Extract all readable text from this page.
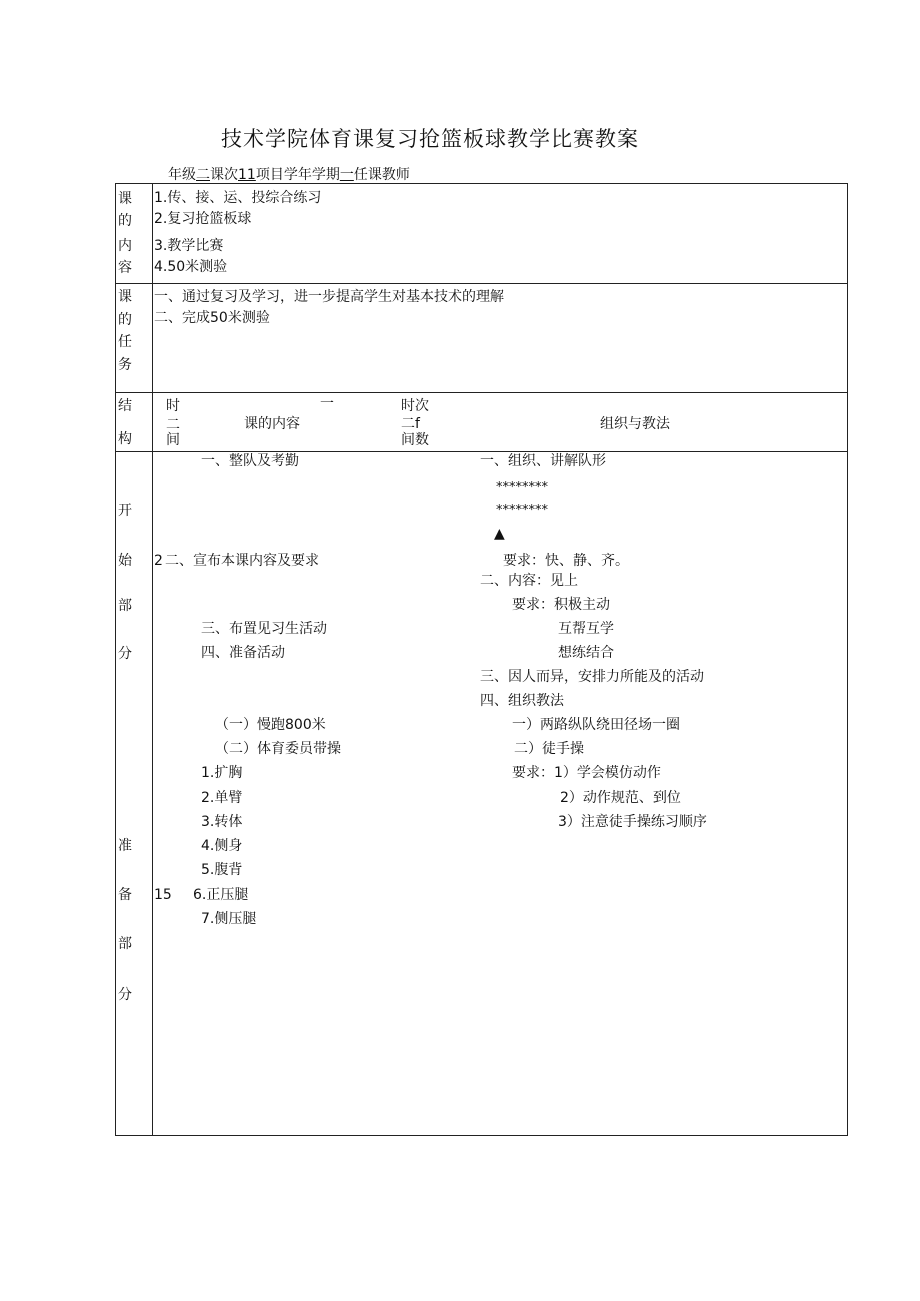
技术学院体育课复习抢篮板球教学比赛教案
年级二课次11项目学年学期一任课教师
课
的
内
容
1.传、接、运、投综合练习
2.复习抢篮板球
3.教学比赛
4.50米测验
课
的
任
务
一、通过复习及学习，进一步提高学生对基本技术的理解
二、完成50米测验
结
构
时
二
间
一
课的内容
时次
二f
间数
组织与教法
开
始
部
分
2
一、整队及考勤
二、宣布本课内容及要求
三、布置见习生活动
四、准备活动
一、组织、讲解队形
********
********
▲
要求：快、静、齐。
二、内容：见上
要求：积极主动
互帮互学
想练结合
三、因人而异，安排力所能及的活动
四、组织教法
准
备
部
分
15
（一）慢跑800米
（二）体育委员带操
1.扩胸
2.单臂
3.转体
4.侧身
5.腹背
6.正压腿
7.侧压腿
一）两路纵队绕田径场一圈
二）徒手操
要求：1）学会模仿动作
2）动作规范、到位
3）注意徒手操练习顺序
